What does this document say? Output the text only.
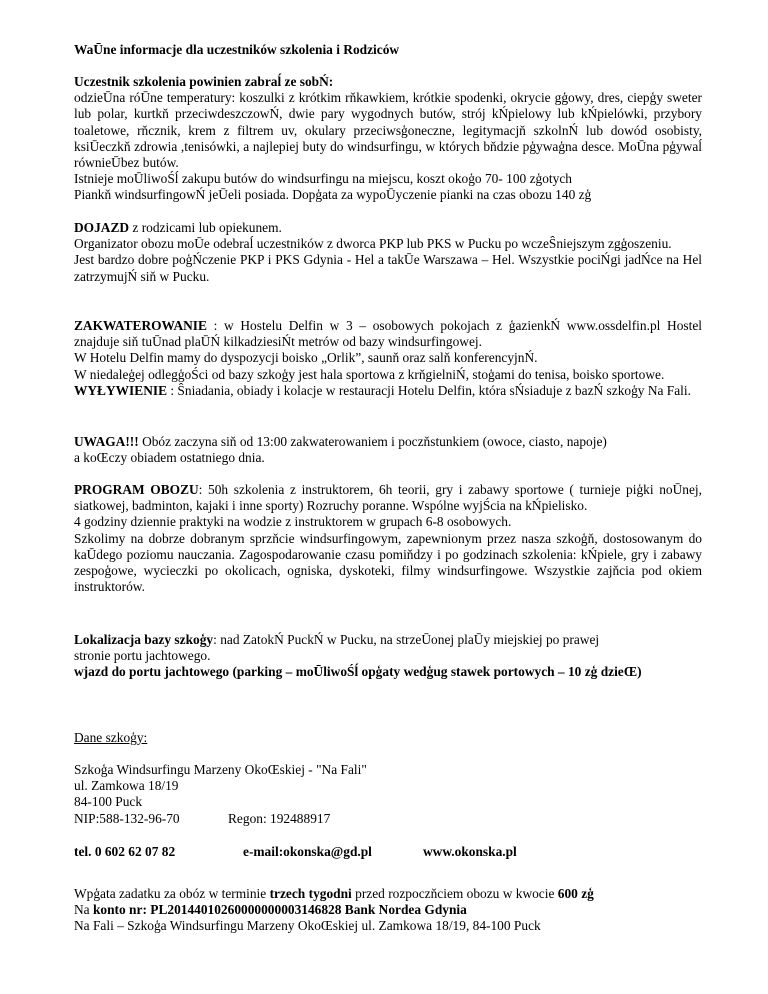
WaŪne informacje dla uczestników szkolenia i Rodziców

Uczestnik szkolenia powinien zabraĺ ze sobŃ:

odzieŪna róŪne temperatury: koszulki z krótkim rňkawkiem, krótkie spodenki, okrycie gģowy, dres, ciepģy sweter lub polar, kurtkň przeciwdeszczowŃ, dwie pary wygodnych butów, strój kŃpielowy lub kŃpielówki, przybory toaletowe, rňcznik, krem z filtrem uv, okulary przeciwsģoneczne, legitymacjň szkolnŃ lub dowód osobisty, ksiŪeczkň zdrowia ,tenisówki, a najlepiej buty do windsurfingu, w których bňdzie pģywaģna desce. MoŪna pģywaĺ równieŪbez butów.

Istnieje moŪliwoŚĺ zakupu butów do windsurfingu na miejscu, koszt okoģo 70- 100 zģotych

Piankň windsurfingowŃ jeŪeli posiada. Dopģata za wypoŪyczenie pianki na czas obozu 140 zģ

DOJAZD z rodzicami lub opiekunem.

Organizator obozu moŪe odebraĺ uczestników z dworca PKP lub PKS w Pucku po wczeŜniejszym zgģoszeniu.

Jest bardzo dobre poģŃczenie PKP i PKS Gdynia - Hel a takŪe Warszawa – Hel. Wszystkie pociŃgi jadŃce na Hel zatrzymujŃ siň w Pucku.

ZAKWATEROWANIE : w Hostelu Delfin w 3 – osobowych pokojach z ģazienkŃ www.ossdelfin.pl Hostel znajduje siň tuŪnad plaŪŃ kilkadziesiŃt metrów od bazy windsurfingowej.

W Hotelu Delfin mamy do dyspozycji boisko „Orlik”, saunň oraz salň konferencyjnŃ.

W niedaleģej odlegģoŚci od bazy szkoģy jest hala sportowa z krňgielniŃ, stoģami do tenisa, boisko sportowe.

WYŁYWIENIE : Ŝniadania, obiady i kolacje w restauracji Hotelu Delfin, która sŃsiaduje z bazŃ szkoģy Na Fali.

UWAGA!!! Obóz zaczyna siň od 13:00 zakwaterowaniem i poczňstunkiem (owoce, ciasto, napoje)

a koŒczy obiadem ostatniego dnia.

PROGRAM OBOZU: 50h szkolenia z instruktorem, 6h teorii, gry i zabawy sportowe ( turnieje piģki noŪnej, siatkowej, badminton, kajaki i inne sporty) Rozruchy poranne. Wspólne wyjŚcia na kŃpielisko.

4 godziny dziennie praktyki na wodzie z instruktorem w grupach 6-8 osobowych.

Szkolimy na dobrze dobranym sprzňcie windsurfingowym, zapewnionym przez nasza szkoģň, dostosowanym do kaŪdego poziomu nauczania. Zagospodarowanie czasu pomiňdzy i po godzinach szkolenia: kŃpiele, gry i zabawy zespoģowe, wycieczki po okolicach, ogniska, dyskoteki, filmy windsurfingowe. Wszystkie zajňcia pod okiem instruktorów.

Lokalizacja bazy szkoģy: nad ZatokŃ PuckŃ w Pucku, na strzeŪonej plaŪy miejskiej po prawej

stronie portu jachtowego.

wjazd do portu jachtowego (parking – moŪliwoŚĺ opģaty wedģug stawek portowych – 10 zģ dzieŒ)

Dane szkoģy:

Szkoģa Windsurfingu Marzeny OkoŒskiej - "Na Fali"

ul. Zamkowa 18/19

84-100 Puck

NIP:588-132-96-70	Regon: 192488917

tel. 0 602 62 07 82	e-mail:okonska@gd.pl	www.okonska.pl

Wpģata zadatku za obóz w terminie trzech tygodni przed rozpoczňciem obozu w kwocie 600 zģ

Na konto nr: PL20144010260000000003146828 Bank Nordea Gdynia

Na Fali – Szkoģa Windsurfingu Marzeny OkoŒskiej ul. Zamkowa 18/19, 84-100 Puck
